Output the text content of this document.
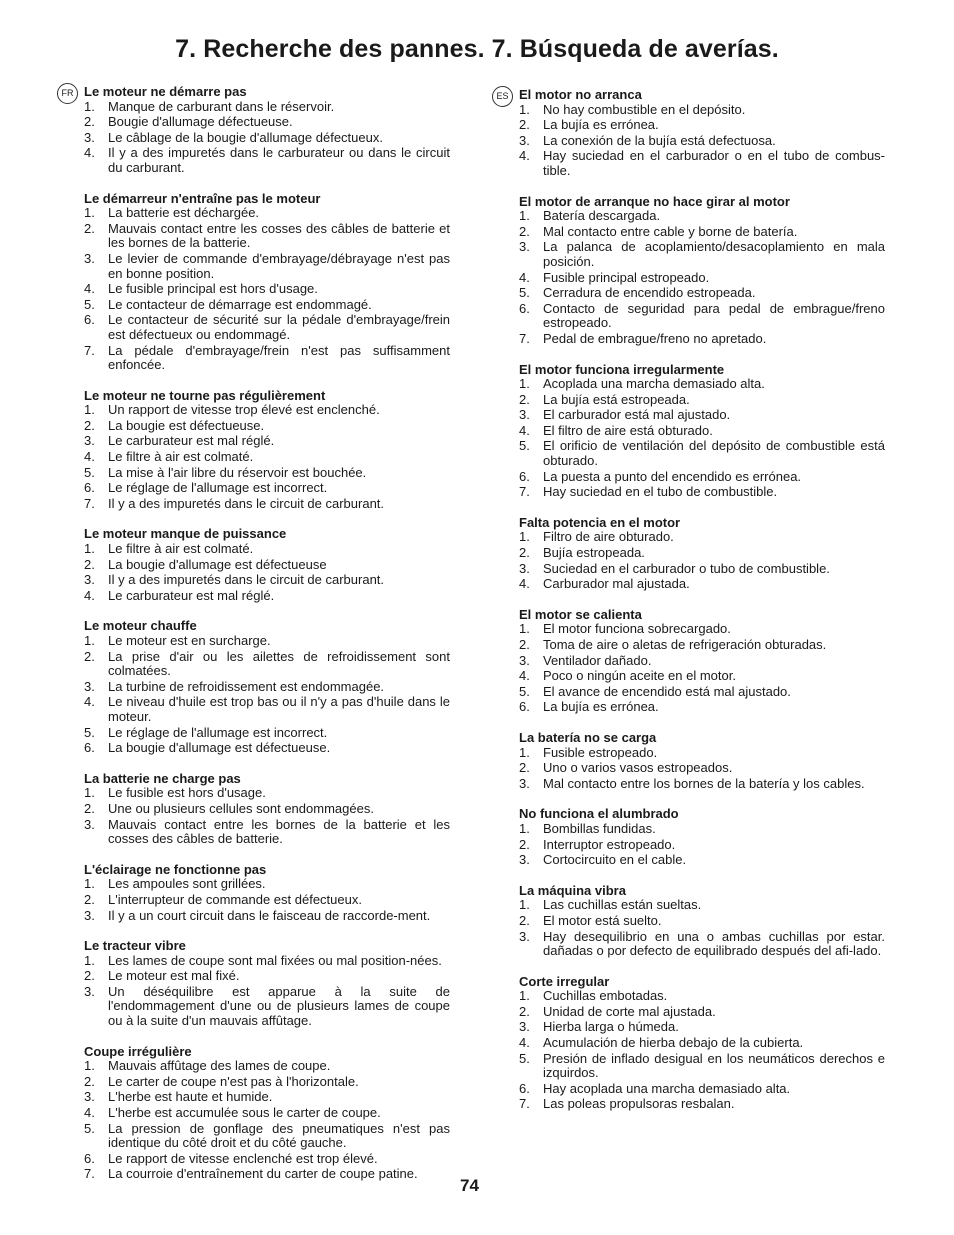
7. Recherche des pannes. 7. Búsqueda de averías.
FR Le moteur ne démarre pas
1. Manque de carburant dans le réservoir.
2. Bougie d'allumage défectueuse.
3. Le câblage de la bougie d'allumage défectueux.
4. Il y a des impuretés dans le carburateur ou dans le circuit du carburant.
Le démarreur n'entraîne pas le moteur
1. La batterie est déchargée.
2. Mauvais contact entre les cosses des câbles de batterie et les bornes de la batterie.
3. Le levier de commande d'embrayage/débrayage n'est pas en bonne position.
4. Le fusible principal est hors d'usage.
5. Le contacteur de démarrage est endommagé.
6. Le contacteur de sécurité sur la pédale d'embrayage/frein est défectueux ou endommagé.
7. La pédale d'embrayage/frein n'est pas suffisamment enfoncée.
Le moteur ne tourne pas régulièrement
1. Un rapport de vitesse trop élevé est enclenché.
2. La bougie est défectueuse.
3. Le carburateur est mal réglé.
4. Le filtre à air est colmaté.
5. La mise à l'air libre du réservoir est bouchée.
6. Le réglage de l'allumage est incorrect.
7. Il y a des impuretés dans le circuit de carburant.
Le moteur manque de puissance
1. Le filtre à air est colmaté.
2. La bougie d'allumage est défectueuse
3. Il y a des impuretés dans le circuit de carburant.
4. Le carburateur est mal réglé.
Le moteur chauffe
1. Le moteur est en surcharge.
2. La prise d'air ou les ailettes de refroidissement sont colmatées.
3. La turbine de refroidissement est endommagée.
4. Le niveau d'huile est trop bas ou il n'y a pas d'huile dans le moteur.
5. Le réglage de l'allumage est incorrect.
6. La bougie d'allumage est défectueuse.
La batterie ne charge pas
1. Le fusible est hors d'usage.
2. Une ou plusieurs cellules sont endommagées.
3. Mauvais contact entre les bornes de la batterie et les cosses des câbles de batterie.
L'éclairage ne fonctionne pas
1. Les ampoules sont grillées.
2. L'interrupteur de commande est défectueux.
3. Il y a un court circuit dans le faisceau de raccorde-ment.
Le tracteur vibre
1. Les lames de coupe sont mal fixées ou mal position-nées.
2. Le moteur est mal fixé.
3. Un déséquilibre est apparue à la suite de l'endommagement d'une ou de plusieurs lames de coupe ou à la suite d'un mauvais affûtage.
Coupe irrégulière
1. Mauvais affûtage des lames de coupe.
2. Le carter de coupe n'est pas à l'horizontale.
3. L'herbe est haute et humide.
4. L'herbe est accumulée sous le carter de coupe.
5. La pression de gonflage des pneumatiques n'est pas identique du côté droit et du côté gauche.
6. Le rapport de vitesse enclenché est trop élevé.
7. La courroie d'entraînement du carter de coupe patine.
ES El motor no arranca
1. No hay combustible en el depósito.
2. La bujía es errónea.
3. La conexión de la bujía está defectuosa.
4. Hay suciedad en el carburador o en el tubo de combus-tible.
El motor de arranque no hace girar al motor
1. Batería descargada.
2. Mal contacto entre cable y borne de batería.
3. La palanca de acoplamiento/desacoplamiento en mala posición.
4. Fusible principal estropeado.
5. Cerradura de encendido estropeada.
6. Contacto de seguridad para pedal de embrague/freno estropeado.
7. Pedal de embrague/freno no apretado.
El motor funciona irregularmente
1. Acoplada una marcha demasiado alta.
2. La bujía está estropeada.
3. El carburador está mal ajustado.
4. El filtro de aire está obturado.
5. El orificio de ventilación del depósito de combustible está obturado.
6. La puesta a punto del encendido es errónea.
7. Hay suciedad en el tubo de combustible.
Falta potencia en el motor
1. Filtro de aire obturado.
2. Bujía estropeada.
3. Suciedad en el carburador o tubo de combustible.
4. Carburador mal ajustada.
El motor se calienta
1. El motor funciona sobrecargado.
2. Toma de aire o aletas de refrigeración obturadas.
3. Ventilador dañado.
4. Poco o ningún aceite en el motor.
5. El avance de encendido está mal ajustado.
6. La bujía es errónea.
La batería no se carga
1. Fusible estropeado.
2. Uno o varios vasos estropeados.
3. Mal contacto entre los bornes de la batería y los cables.
No funciona el alumbrado
1. Bombillas fundidas.
2. Interruptor estropeado.
3. Cortocircuito en el cable.
La máquina vibra
1. Las cuchillas están sueltas.
2. El motor está suelto.
3. Hay desequilibrio en una o ambas cuchillas por estar. dañadas o por defecto de equilibrado después del afi-lado.
Corte irregular
1. Cuchillas embotadas.
2. Unidad de corte mal ajustada.
3. Hierba larga o húmeda.
4. Acumulación de hierba debajo de la cubierta.
5. Presión de inflado desigual en los neumáticos derechos e izquirdos.
6. Hay acoplada una marcha demasiado alta.
7. Las poleas propulsoras resbalan.
74
